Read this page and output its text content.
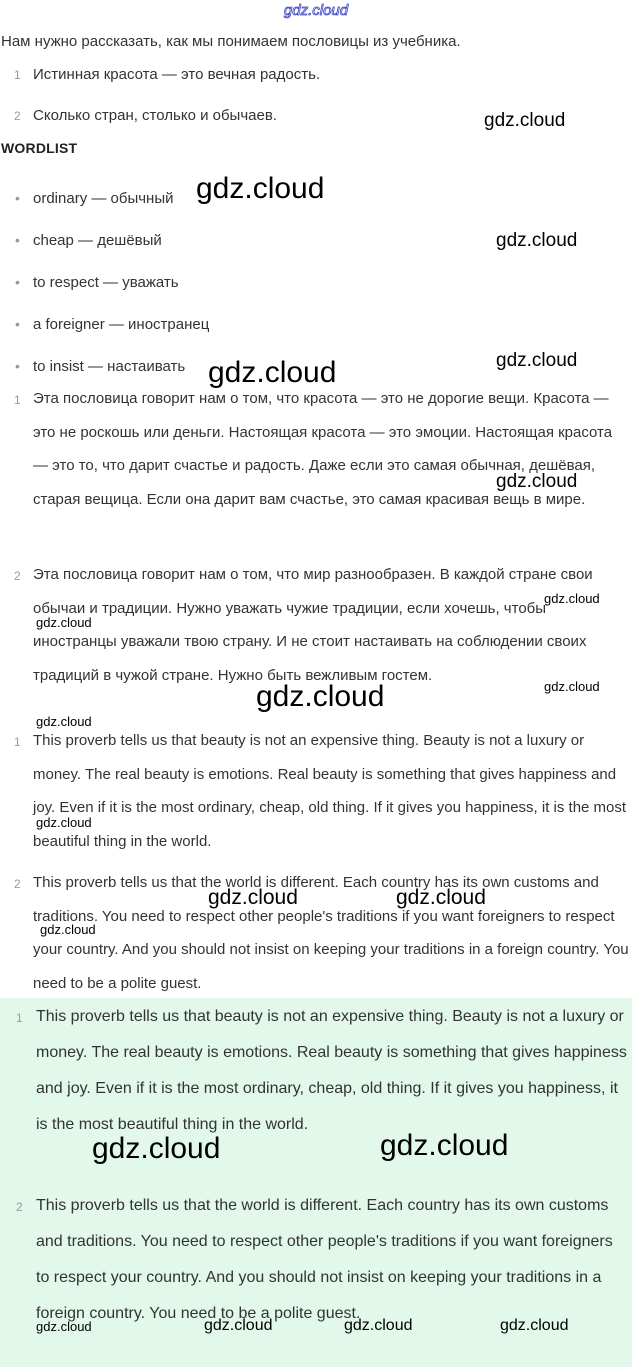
gdz.cloud
Нам нужно рассказать, как мы понимаем пословицы из учебника.
1 Истинная красота — это вечная радость.
2 Сколько стран, столько и обычаев.
WORDLIST
• ordinary — обычный
• cheap — дешёвый
• to respect — уважать
• a foreigner — иностранец
• to insist — настаивать
1 Эта пословица говорит нам о том, что красота — это не дорогие вещи. Красота — это не роскошь или деньги. Настоящая красота — это эмоции. Настоящая красота — это то, что дарит счастье и радость. Даже если это самая обычная, дешёвая, старая вещица. Если она дарит вам счастье, это самая красивая вещь в мире.
2 Эта пословица говорит нам о том, что мир разнообразен. В каждой стране свои обычаи и традиции. Нужно уважать чужие традиции, если хочешь, чтобы иностранцы уважали твою страну. И не стоит настаивать на соблюдении своих традиций в чужой стране. Нужно быть вежливым гостем.
1 This proverb tells us that beauty is not an expensive thing. Beauty is not a luxury or money. The real beauty is emotions. Real beauty is something that gives happiness and joy. Even if it is the most ordinary, cheap, old thing. If it gives you happiness, it is the most beautiful thing in the world.
2 This proverb tells us that the world is different. Each country has its own customs and traditions. You need to respect other people's traditions if you want foreigners to respect your country. And you should not insist on keeping your traditions in a foreign country. You need to be a polite guest.
1 This proverb tells us that beauty is not an expensive thing. Beauty is not a luxury or money. The real beauty is emotions. Real beauty is something that gives happiness and joy. Even if it is the most ordinary, cheap, old thing. If it gives you happiness, it is the most beautiful thing in the world.
2 This proverb tells us that the world is different. Each country has its own customs and traditions. You need to respect other people's traditions if you want foreigners to respect your country. And you should not insist on keeping your traditions in a foreign country. You need to be a polite guest.
gdz.cloud
gdz.cloud
gdz.cloud
gdz.cloud
gdz.cloud
gdz.cloud
gdz.cloud
gdz.cloud
gdz.cloud
gdz.cloud
gdz.cloud
gdz.cloud
gdz.cloud	gdz.cloud
gdz.cloud
gdz.cloud	gdz.cloud
gdz.cloud	gdz.cloud	gdz.cloud	gdz.cloud
